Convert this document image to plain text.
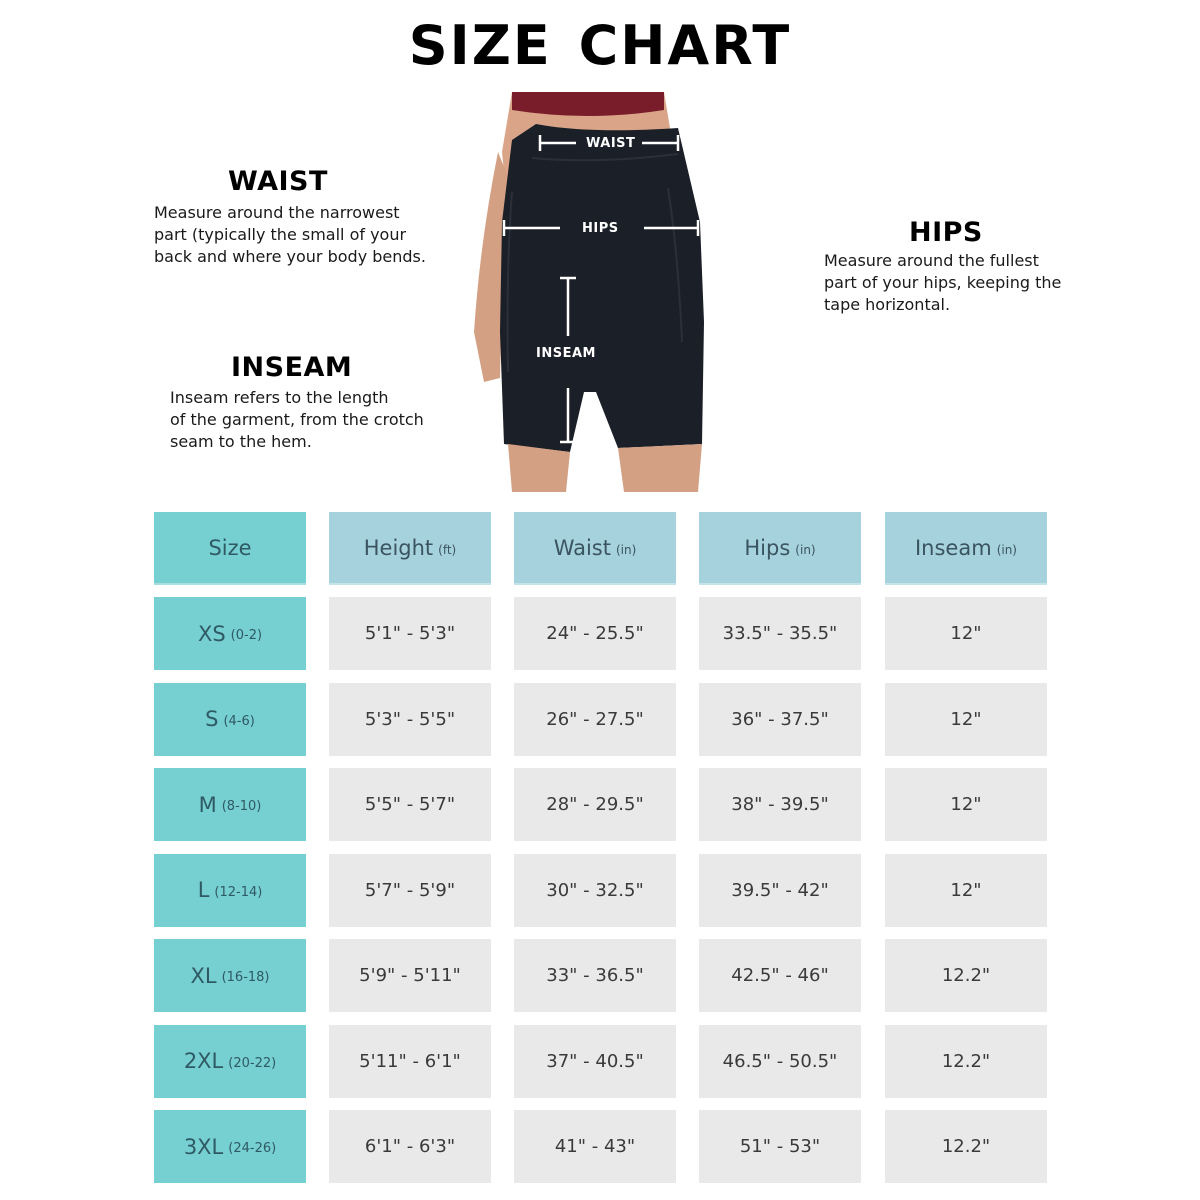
SIZE CHART
WAIST
Measure around the narrowest
part (typically the small of your
back and where your body bends.
HIPS
Measure around the fullest
part of your hips, keeping the
tape horizontal.
INSEAM
Inseam refers to the length
of the garment, from the crotch
seam to the hem.
WAIST
HIPS
INSEAM
Size	Height (ft)	Waist (in)	Hips (in)	Inseam (in)
XS (0-2)	5'1" - 5'3"	24" - 25.5"	33.5" - 35.5"	12"
S (4-6)	5'3" - 5'5"	26" - 27.5"	36" - 37.5"	12"
M (8-10)	5'5" - 5'7"	28" - 29.5"	38" - 39.5"	12"
L (12-14)	5'7" - 5'9"	30" - 32.5"	39.5" - 42"	12"
XL (16-18)	5'9" - 5'11"	33" - 36.5"	42.5" - 46"	12.2"
2XL (20-22)	5'11" - 6'1"	37" - 40.5"	46.5" - 50.5"	12.2"
3XL (24-26)	6'1" - 6'3"	41" - 43"	51" - 53"	12.2"
